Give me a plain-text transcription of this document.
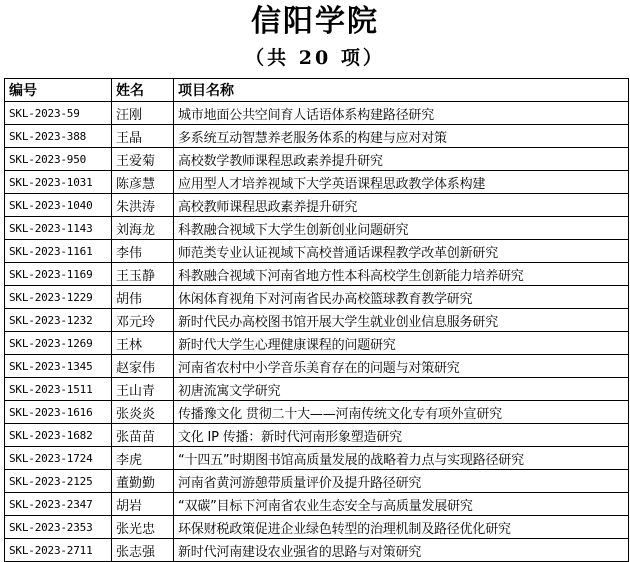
信阳学院
（共 20 项）
编号	姓名	项目名称
SKL-2023-59	汪刚	城市地面公共空间育人话语体系构建路径研究
SKL-2023-388	王晶	多系统互动智慧养老服务体系的构建与应对对策
SKL-2023-950	王爱菊	高校数学教师课程思政素养提升研究
SKL-2023-1031	陈彦慧	应用型人才培养视域下大学英语课程思政教学体系构建
SKL-2023-1040	朱洪涛	高校教师课程思政素养提升研究
SKL-2023-1143	刘海龙	科教融合视域下大学生创新创业问题研究
SKL-2023-1161	李伟	师范类专业认证视域下高校普通话课程教学改革创新研究
SKL-2023-1169	王玉静	科教融合视域下河南省地方性本科高校学生创新能力培养研究
SKL-2023-1229	胡伟	休闲体育视角下对河南省民办高校篮球教育教学研究
SKL-2023-1232	邓元玲	新时代民办高校图书馆开展大学生就业创业信息服务研究
SKL-2023-1269	王林	新时代大学生心理健康课程的问题研究
SKL-2023-1345	赵家伟	河南省农村中小学音乐美育存在的问题与对策研究
SKL-2023-1511	王山青	初唐流寓文学研究
SKL-2023-1616	张炎炎	传播豫文化 贯彻二十大——河南传统文化专有项外宣研究
SKL-2023-1682	张苗苗	文化 IP 传播：新时代河南形象塑造研究
SKL-2023-1724	李虎	“十四五”时期图书馆高质量发展的战略着力点与实现路径研究
SKL-2023-2125	董勤勤	河南省黄河游憩带质量评价及提升路径研究
SKL-2023-2347	胡岩	“双碳”目标下河南省农业生态安全与高质量发展研究
SKL-2023-2353	张光忠	环保财税政策促进企业绿色转型的治理机制及路径优化研究
SKL-2023-2711	张志强	新时代河南建设农业强省的思路与对策研究
